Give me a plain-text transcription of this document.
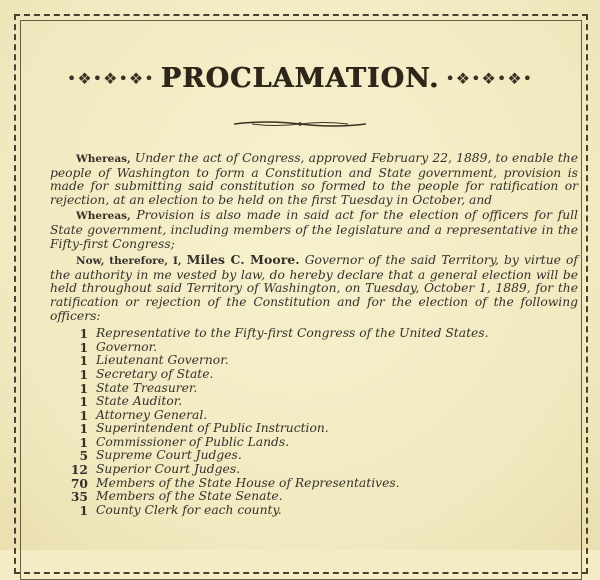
•❖•❖•❖• PROCLAMATION. •❖•❖•❖•

Whereas, Under the act of Congress, approved February 22, 1889, to enable the people of Washington to form a Constitution and State government, provision is made for submitting said constitution so formed to the people for ratification or rejection, at an election to be held on the first Tuesday in October, and

Whereas, Provision is also made in said act for the election of officers for full State government, including members of the legislature and a representative in the Fifty-first Congress;

Now, therefore, I, Miles C. Moore. Governor of the said Territory, by virtue of the authority in me vested by law, do hereby declare that a general election will be held throughout said Territory of Washington, on Tuesday, October 1, 1889, for the ratification or rejection of the Constitution and for the election of the following officers:

1 Representative to the Fifty-first Congress of the United States.
1 Governor.
1 Lieutenant Governor.
1 Secretary of State.
1 State Treasurer.
1 State Auditor.
1 Attorney General.
1 Superintendent of Public Instruction.
1 Commissioner of Public Lands.
5 Supreme Court Judges.
12 Superior Court Judges.
70 Members of the State House of Representatives.
35 Members of the State Senate.
1 County Clerk for each county.
